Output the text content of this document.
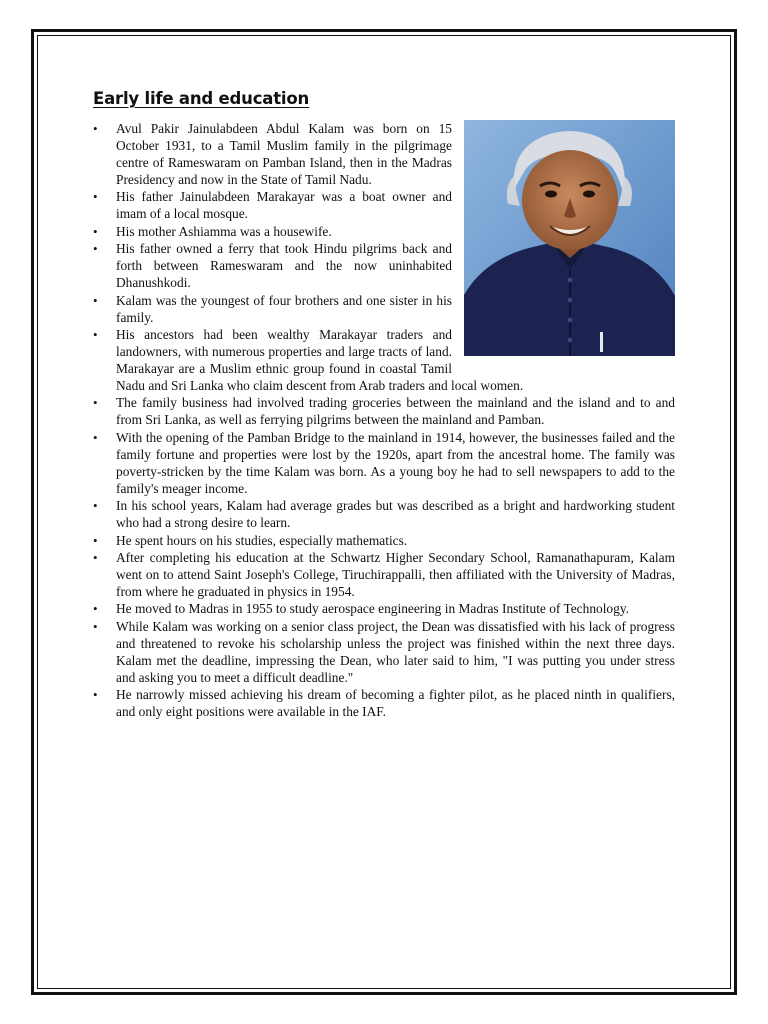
Early life and education
• Avul Pakir Jainulabdeen Abdul Kalam was born on 15 October 1931, to a Tamil Muslim family in the pilgrimage centre of Rameswaram on Pamban Island, then in the Madras Presidency and now in the State of Tamil Nadu.
• His father Jainulabdeen Marakayar was a boat owner and imam of a local mosque.
• His mother Ashiamma was a housewife.
• His father owned a ferry that took Hindu pilgrims back and forth between Rameswaram and the now uninhabited Dhanushkodi.
• Kalam was the youngest of four brothers and one sister in his family.
• His ancestors had been wealthy Marakayar traders and landowners, with numerous properties and large tracts of land. Marakayar are a Muslim ethnic group found in coastal Tamil Nadu and Sri Lanka who claim descent from Arab traders and local women.
• The family business had involved trading groceries between the mainland and the island and to and from Sri Lanka, as well as ferrying pilgrims between the mainland and Pamban.
• With the opening of the Pamban Bridge to the mainland in 1914, however, the businesses failed and the family fortune and properties were lost by the 1920s, apart from the ancestral home. The family was poverty-stricken by the time Kalam was born. As a young boy he had to sell newspapers to add to the family's meager income.
• In his school years, Kalam had average grades but was described as a bright and hardworking student who had a strong desire to learn.
• He spent hours on his studies, especially mathematics.
• After completing his education at the Schwartz Higher Secondary School, Ramanathapuram, Kalam went on to attend Saint Joseph's College, Tiruchirappalli, then affiliated with the University of Madras, from where he graduated in physics in 1954.
• He moved to Madras in 1955 to study aerospace engineering in Madras Institute of Technology.
• While Kalam was working on a senior class project, the Dean was dissatisfied with his lack of progress and threatened to revoke his scholarship unless the project was finished within the next three days. Kalam met the deadline, impressing the Dean, who later said to him, "I was putting you under stress and asking you to meet a difficult deadline."
• He narrowly missed achieving his dream of becoming a fighter pilot, as he placed ninth in qualifiers, and only eight positions were available in the IAF.
